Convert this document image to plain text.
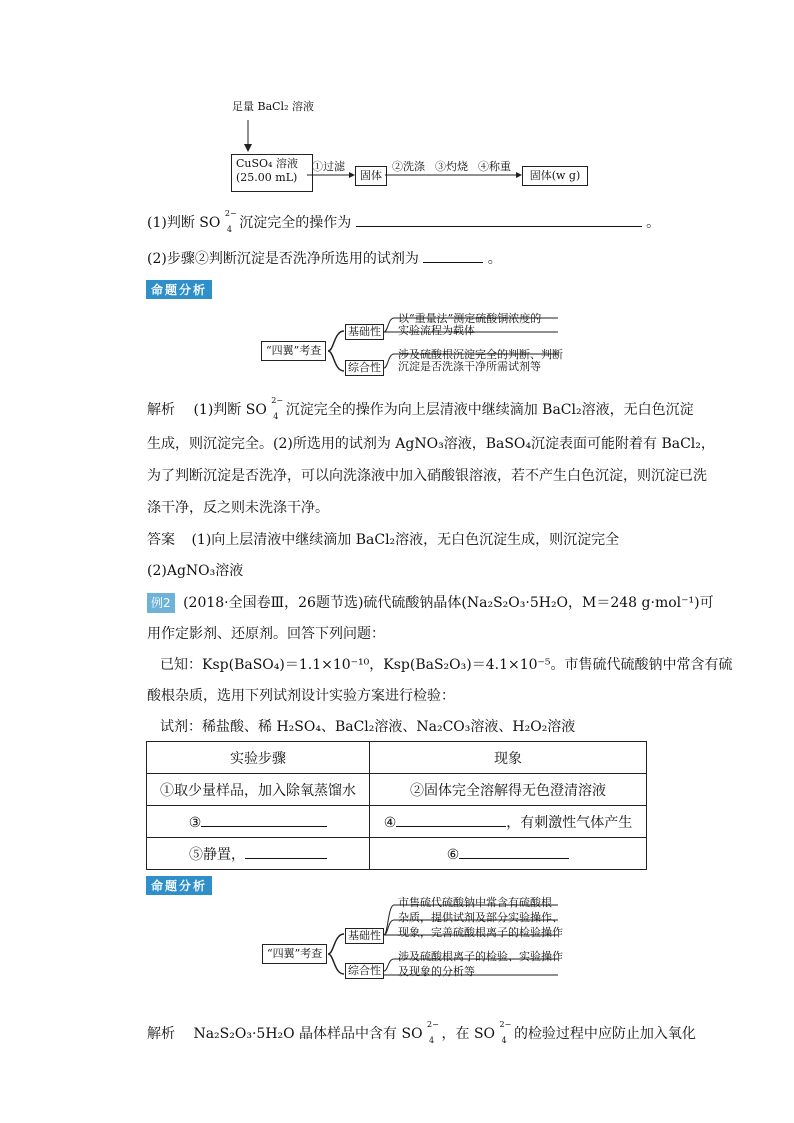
足量 BaCl₂ 溶液
CuSO₄ 溶液
(25.00 mL)
①过滤
固体
②洗涤 ③灼烧 ④称重
固体(w g)
(1)判断 SO
2−
4 沉淀完全的操作为	。
(2)步骤②判断沉淀是否洗净所选用的试剂为	。
命题分析
“四翼”考查
基础性
综合性
以“重量法”测定硫酸铜浓度的
实验流程为载体
涉及硫酸根沉淀完全的判断、判断
沉淀是否洗涤干净所需试剂等
解析 (1)判断 SO
2−
4 沉淀完全的操作为向上层清液中继续滴加 BaCl₂溶液，无白色沉淀
生成，则沉淀完全。(2)所选用的试剂为 AgNO₃溶液，BaSO₄沉淀表面可能附着有 BaCl₂，
为了判断沉淀是否洗净，可以向洗涤液中加入硝酸银溶液，若不产生白色沉淀，则沉淀已洗
涤干净，反之则未洗涤干净。
答案 (1)向上层清液中继续滴加 BaCl₂溶液，无白色沉淀生成，则沉淀完全
(2)AgNO₃溶液
例2 (2018·全国卷Ⅲ，26题节选)硫代硫酸钠晶体(Na₂S₂O₃·5H₂O，M＝248 g·mol⁻¹)可
用作定影剂、还原剂。回答下列问题：
已知：Ksp(BaSO₄)＝1.1×10⁻¹⁰，Ksp(BaS₂O₃)＝4.1×10⁻⁵。市售硫代硫酸钠中常含有硫
酸根杂质，选用下列试剂设计实验方案进行检验：
试剂：稀盐酸、稀 H₂SO₄、BaCl₂溶液、Na₂CO₃溶液、H₂O₂溶液
实验步骤	现象
①取少量样品，加入除氧蒸馏水	②固体完全溶解得无色澄清溶液
③	④ ，有刺激性气体产生
⑤静置，	⑥
命题分析
“四翼”考查
基础性
综合性
市售硫代硫酸钠中常含有硫酸根
杂质，提供试剂及部分实验操作、
现象，完善硫酸根离子的检验操作
涉及硫酸根离子的检验、实验操作
及现象的分析等
解析 Na₂S₂O₃·5H₂O 晶体样品中含有 SO
2−
4 ，在 SO
2−
4 的检验过程中应防止加入氧化
